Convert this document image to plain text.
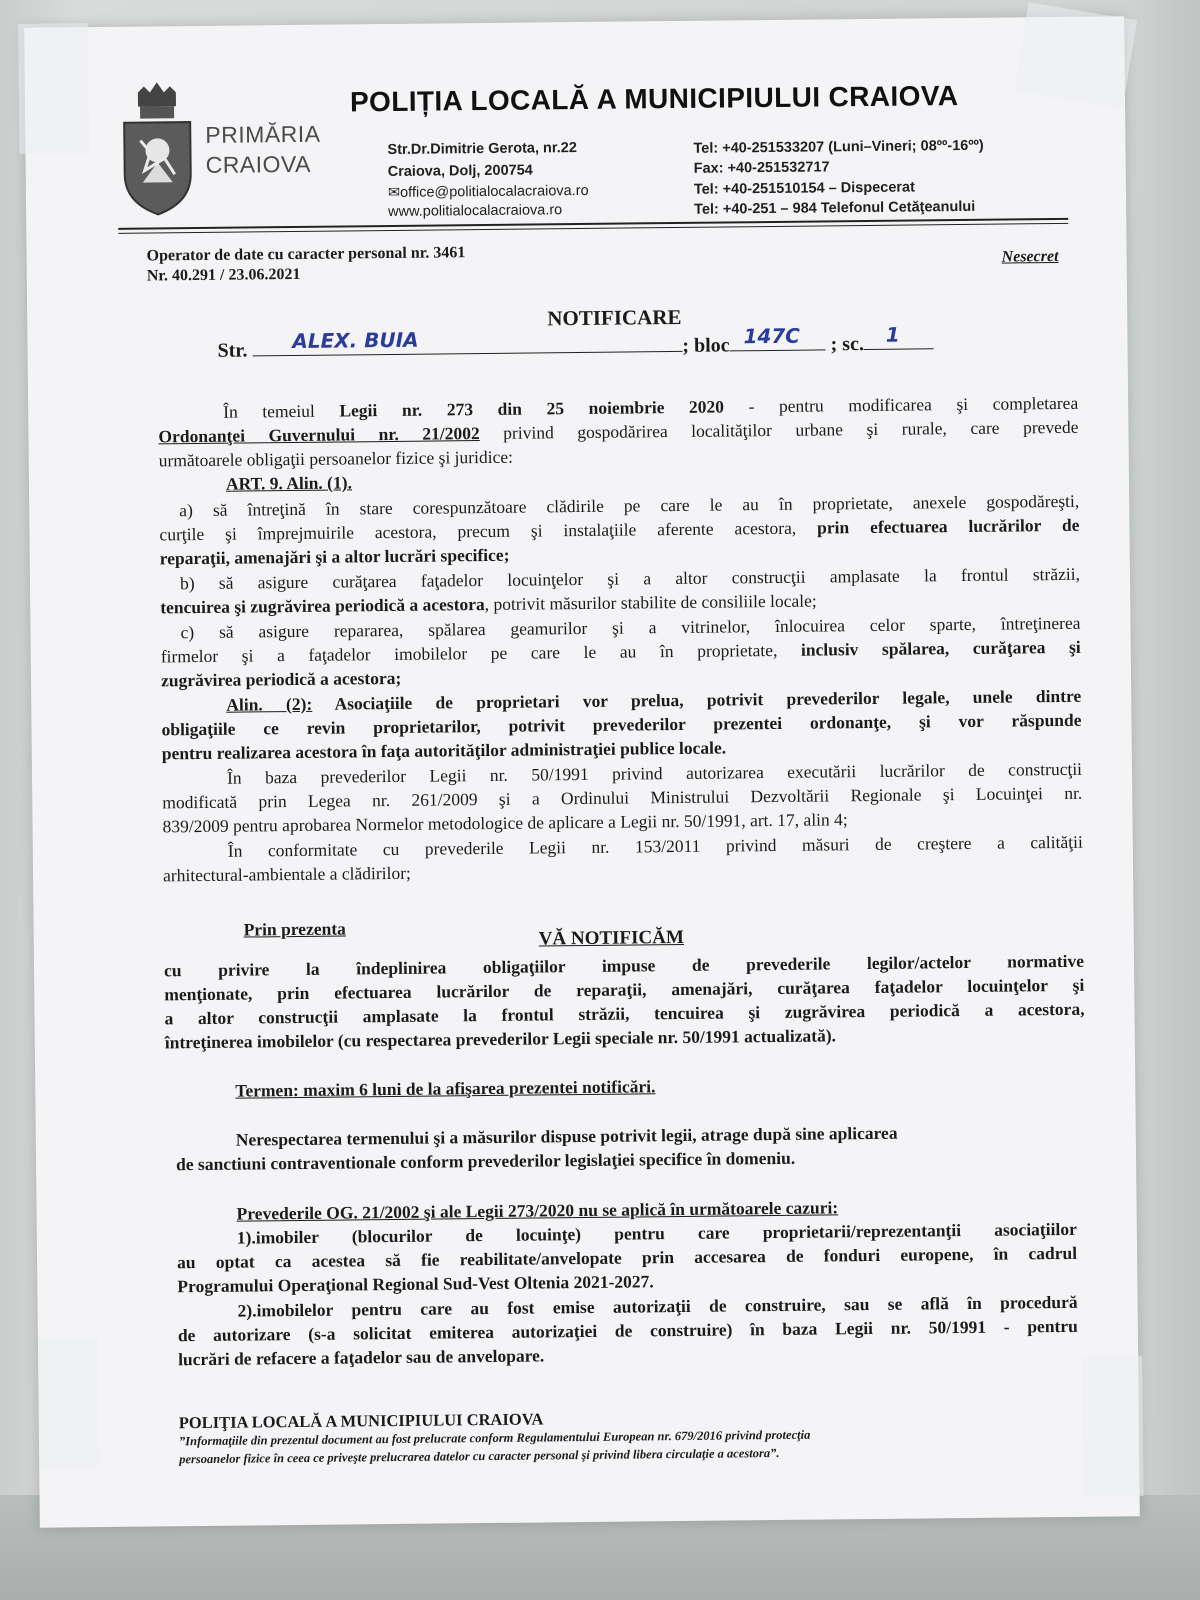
PRIMĂRIA
CRAIOVA
POLIȚIA LOCALĂ A MUNICIPIULUI CRAIOVA
Str.Dr.Dimitrie Gerota, nr.22
Craiova, Dolj, 200754
✉office@politialocalacraiova.ro
www.politialocalacraiova.ro
Tel: +40-251533207 (Luni–Vineri; 08ºº-16ºº)
Fax: +40-251532717
Tel: +40-251510154 – Dispecerat
Tel: +40-251 – 984 Telefonul Cetăţeanului
Operator de date cu caracter personal nr. 3461
Nr. 40.291 / 23.06.2021
Nesecret
NOTIFICARE
Str. ALEX. BUIA	; bloc 147C ; sc. 1
În temeiul Legii nr. 273 din 25 noiembrie 2020 - pentru modificarea şi completarea
Ordonanţei Guvernului nr. 21/2002 privind gospodărirea localităţilor urbane şi rurale, care prevede
următoarele obligaţii persoanelor fizice şi juridice:
ART. 9. Alin. (1).
a) să întreţină în stare corespunzătoare clădirile pe care le au în proprietate, anexele gospodăreşti,
curţile şi împrejmuirile acestora, precum şi instalaţiile aferente acestora, prin efectuarea lucrărilor de
reparaţii, amenajări şi a altor lucrări specifice;
b) să asigure curăţarea faţadelor locuinţelor şi a altor construcţii amplasate la frontul străzii,
tencuirea şi zugrăvirea periodică a acestora, potrivit măsurilor stabilite de consiliile locale;
c) să asigure repararea, spălarea geamurilor şi a vitrinelor, înlocuirea celor sparte, întreţinerea
firmelor şi a faţadelor imobilelor pe care le au în proprietate, inclusiv spălarea, curăţarea şi
zugrăvirea periodică a acestora;
Alin. (2): Asociaţiile de proprietari vor prelua, potrivit prevederilor legale, unele dintre
obligaţiile ce revin proprietarilor, potrivit prevederilor prezentei ordonanţe, şi vor răspunde
pentru realizarea acestora în faţa autorităţilor administraţiei publice locale.
În baza prevederilor Legii nr. 50/1991 privind autorizarea executării lucrărilor de construcţii
modificată prin Legea nr. 261/2009 şi a Ordinului Ministrului Dezvoltării Regionale şi Locuinţei nr.
839/2009 pentru aprobarea Normelor metodologice de aplicare a Legii nr. 50/1991, art. 17, alin 4;
În conformitate cu prevederile Legii nr. 153/2011 privind măsuri de creştere a calităţii
arhitectural-ambientale a clădirilor;
Prin prezenta	VĂ NOTIFICĂM
cu privire la îndeplinirea obligaţiilor impuse de prevederile legilor/actelor normative
menţionate, prin efectuarea lucrărilor de reparaţii, amenajări, curăţarea faţadelor locuinţelor şi
a altor construcţii amplasate la frontul străzii, tencuirea şi zugrăvirea periodică a acestora,
întreţinerea imobilelor (cu respectarea prevederilor Legii speciale nr. 50/1991 actualizată).
Termen: maxim 6 luni de la afişarea prezentei notificări.
Nerespectarea termenului şi a măsurilor dispuse potrivit legii, atrage după sine aplicarea
de sanctiuni contraventionale conform prevederilor legislaţiei specifice în domeniu.
Prevederile OG. 21/2002 şi ale Legii 273/2020 nu se aplică în următoarele cazuri:
1).imobiler (blocurilor de locuinţe) pentru care proprietarii/reprezentanţii asociaţiilor
au optat ca acestea să fie reabilitate/anvelopate prin accesarea de fonduri europene, în cadrul
Programului Operaţional Regional Sud-Vest Oltenia 2021-2027.
2).imobilelor pentru care au fost emise autorizaţii de construire, sau se află în procedură
de autorizare (s-a solicitat emiterea autorizaţiei de construire) în baza Legii nr. 50/1991 - pentru
lucrări de refacere a faţadelor sau de anvelopare.
POLIŢIA LOCALĂ A MUNICIPIULUI CRAIOVA
”Informaţiile din prezentul document au fost prelucrate conform Regulamentului European nr. 679/2016 privind protecţia
persoanelor fizice în ceea ce priveşte prelucrarea datelor cu caracter personal şi privind libera circulaţie a acestora”.
